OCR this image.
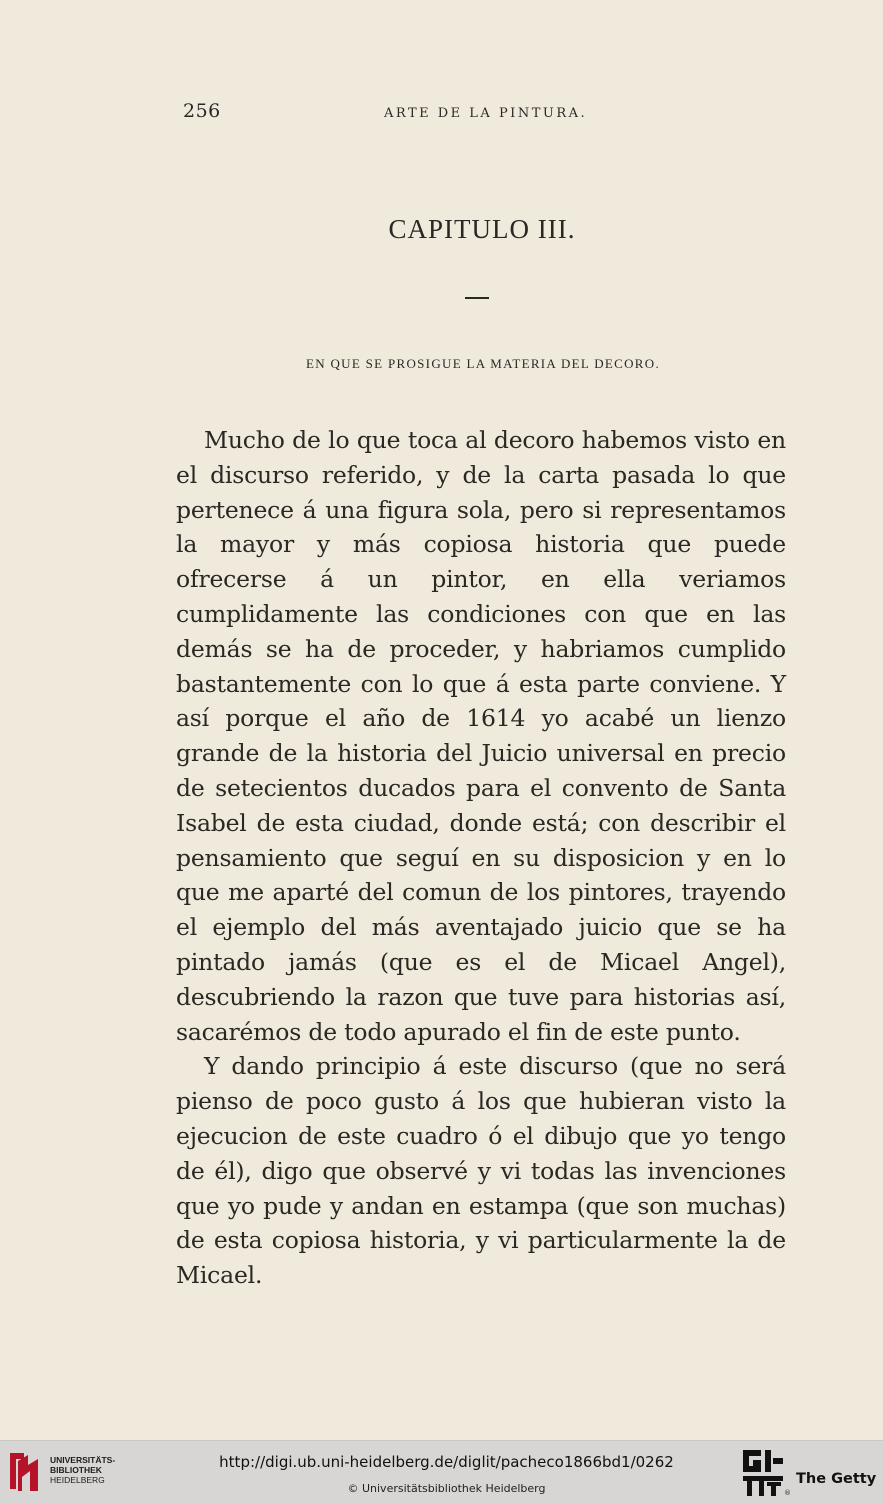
256	ARTE DE LA PINTURA.
CAPITULO III.
EN QUE SE PROSIGUE LA MATERIA DEL DECORO.

Mucho de lo que toca al decoro habemos visto en el discurso referido, y de la carta pasada lo que pertenece á una figura sola, pero si representamos la mayor y más copiosa historia que puede ofrecerse á un pintor, en ella veriamos cumplidamente las condiciones con que en las demás se ha de proceder, y habriamos cumplido bastantemente con lo que á esta parte conviene. Y así porque el año de 1614 yo acabé un lienzo grande de la historia del Juicio universal en precio de setecientos ducados para el convento de Santa Isabel de esta ciudad, donde está; con describir el pensamiento que seguí en su disposicion y en lo que me aparté del comun de los pintores, trayendo el ejemplo del más aventajado juicio que se ha pintado jamás (que es el de Micael Angel), descubriendo la razon que tuve para historias así, sacarémos de todo apurado el fin de este punto.

Y dando principio á este discurso (que no será pienso de poco gusto á los que hubieran visto la ejecucion de este cuadro ó el dibujo que yo tengo de él), digo que observé y vi todas las invenciones que yo pude y andan en estampa (que son muchas) de esta copiosa historia, y vi particularmente la de Micael.

UNIVERSITÄTS-
BIBLIOTHEK
HEIDELBERG
http://digi.ub.uni-heidelberg.de/diglit/pacheco1866bd1/0262
© Universitätsbibliothek Heidelberg	®
The Getty
